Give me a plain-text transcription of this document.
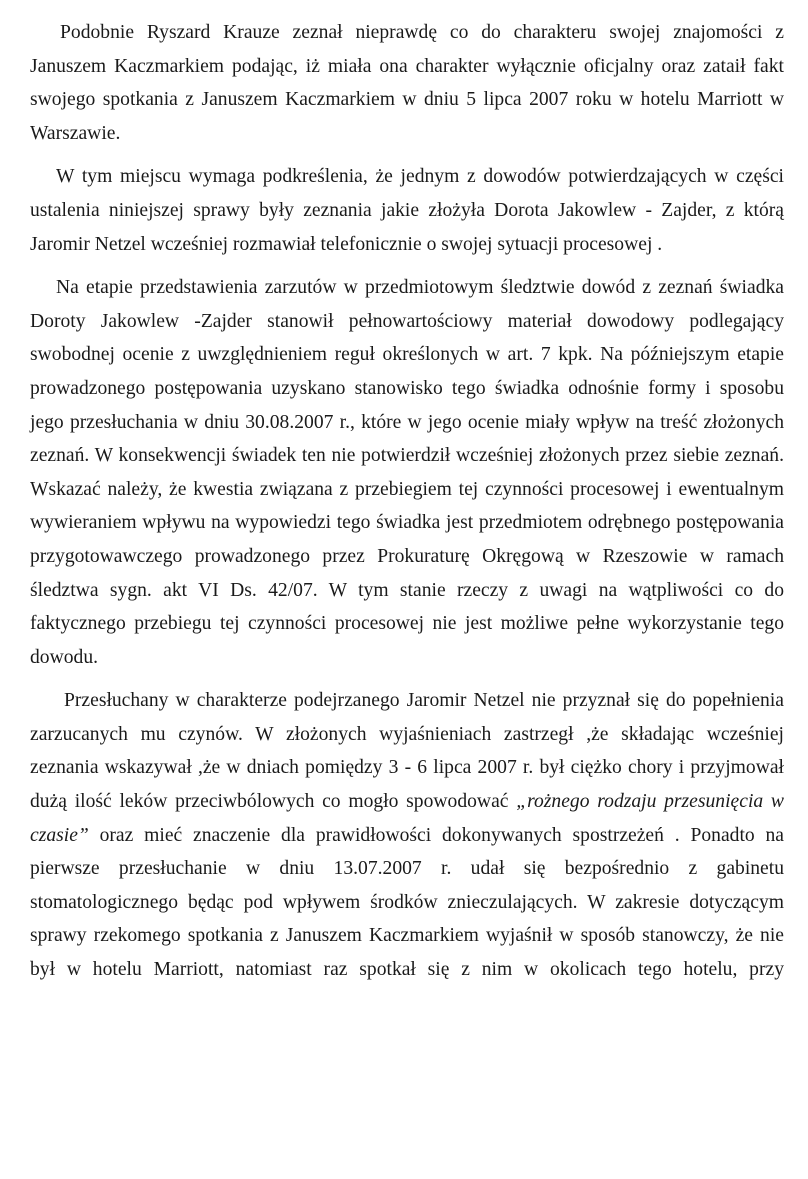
Podobnie Ryszard Krauze zeznał nieprawdę co do charakteru swojej znajomości z Januszem Kaczmarkiem podając, iż miała ona charakter wyłącznie oficjalny oraz zataił fakt swojego spotkania z Januszem Kaczmarkiem w dniu 5 lipca 2007 roku w hotelu Marriott w Warszawie.

W tym miejscu wymaga podkreślenia, że jednym z dowodów potwierdzających w części ustalenia niniejszej sprawy były zeznania jakie złożyła Dorota Jakowlew - Zajder, z którą Jaromir Netzel wcześniej rozmawiał telefonicznie o swojej sytuacji procesowej .

Na etapie przedstawienia zarzutów w przedmiotowym śledztwie dowód z zeznań świadka Doroty Jakowlew -Zajder stanowił pełnowartościowy materiał dowodowy podlegający swobodnej ocenie z uwzględnieniem reguł określonych w art. 7 kpk. Na późniejszym etapie prowadzonego postępowania uzyskano stanowisko tego świadka odnośnie formy i sposobu jego przesłuchania w dniu 30.08.2007 r., które w jego ocenie miały wpływ na treść złożonych zeznań. W konsekwencji świadek ten nie potwierdził wcześniej złożonych przez siebie zeznań. Wskazać należy, że kwestia związana z przebiegiem tej czynności procesowej i ewentualnym wywieraniem wpływu na wypowiedzi tego świadka jest przedmiotem odrębnego postępowania przygotowawczego prowadzonego przez Prokuraturę Okręgową w Rzeszowie w ramach śledztwa sygn. akt VI Ds. 42/07. W tym stanie rzeczy z uwagi na wątpliwości co do faktycznego przebiegu tej czynności procesowej nie jest możliwe pełne wykorzystanie tego dowodu.

Przesłuchany w charakterze podejrzanego Jaromir Netzel nie przyznał się do popełnienia zarzucanych mu czynów. W złożonych wyjaśnieniach zastrzegł ,że składając wcześniej zeznania wskazywał ,że w dniach pomiędzy 3 - 6 lipca 2007 r. był ciężko chory i przyjmował dużą ilość leków przeciwbólowych co mogło spowodować „rożnego rodzaju przesunięcia w czasie” oraz mieć znaczenie dla prawidłowości dokonywanych spostrzeżeń . Ponadto na pierwsze przesłuchanie w dniu 13.07.2007 r. udał się bezpośrednio z gabinetu stomatologicznego będąc pod wpływem środków znieczulających. W zakresie dotyczącym sprawy rzekomego spotkania z Januszem Kaczmarkiem wyjaśnił w sposób stanowczy, że nie był w hotelu Marriott, natomiast raz spotkał się z nim w okolicach tego hotelu, przy
